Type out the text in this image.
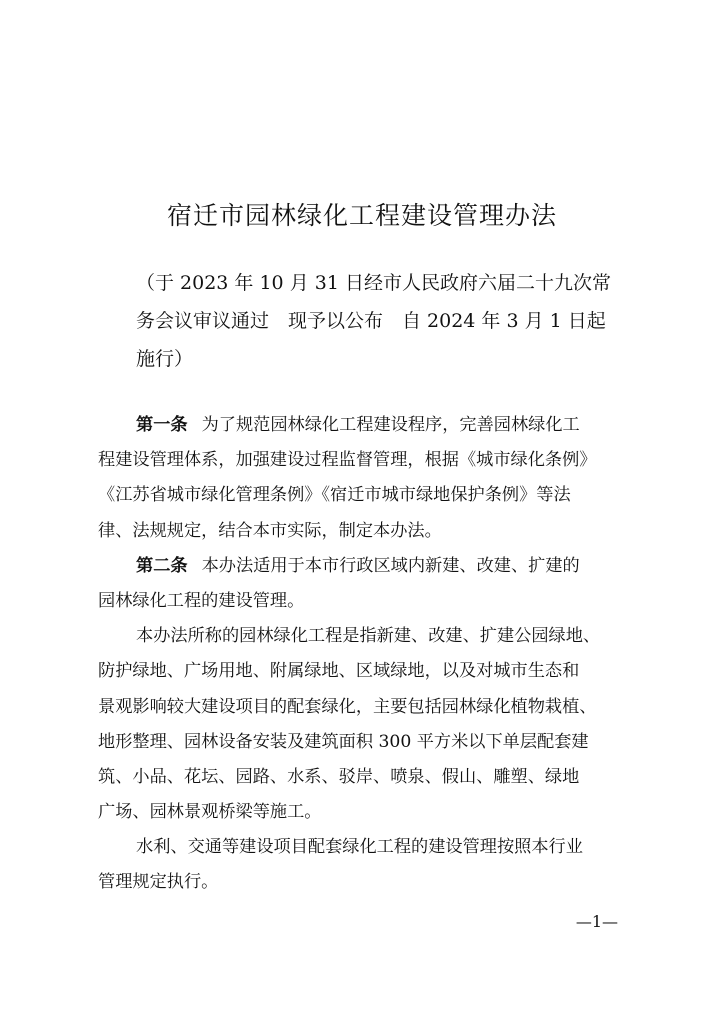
宿迁市园林绿化工程建设管理办法
（于 2023 年 10 月 31 日经市人民政府六届二十九次常
务会议审议通过　现予以公布　自 2024 年 3 月 1 日起
施行）
第一条 为了规范园林绿化工程建设程序，完善园林绿化工
程建设管理体系，加强建设过程监督管理，根据《城市绿化条例》
《江苏省城市绿化管理条例》《宿迁市城市绿地保护条例》等法
律、法规规定，结合本市实际，制定本办法。
第二条 本办法适用于本市行政区域内新建、改建、扩建的
园林绿化工程的建设管理。
本办法所称的园林绿化工程是指新建、改建、扩建公园绿地、
防护绿地、广场用地、附属绿地、区域绿地，以及对城市生态和
景观影响较大建设项目的配套绿化，主要包括园林绿化植物栽植、
地形整理、园林设备安装及建筑面积 300 平方米以下单层配套建
筑、小品、花坛、园路、水系、驳岸、喷泉、假山、雕塑、绿地
广场、园林景观桥梁等施工。
水利、交通等建设项目配套绿化工程的建设管理按照本行业
管理规定执行。
—1—
